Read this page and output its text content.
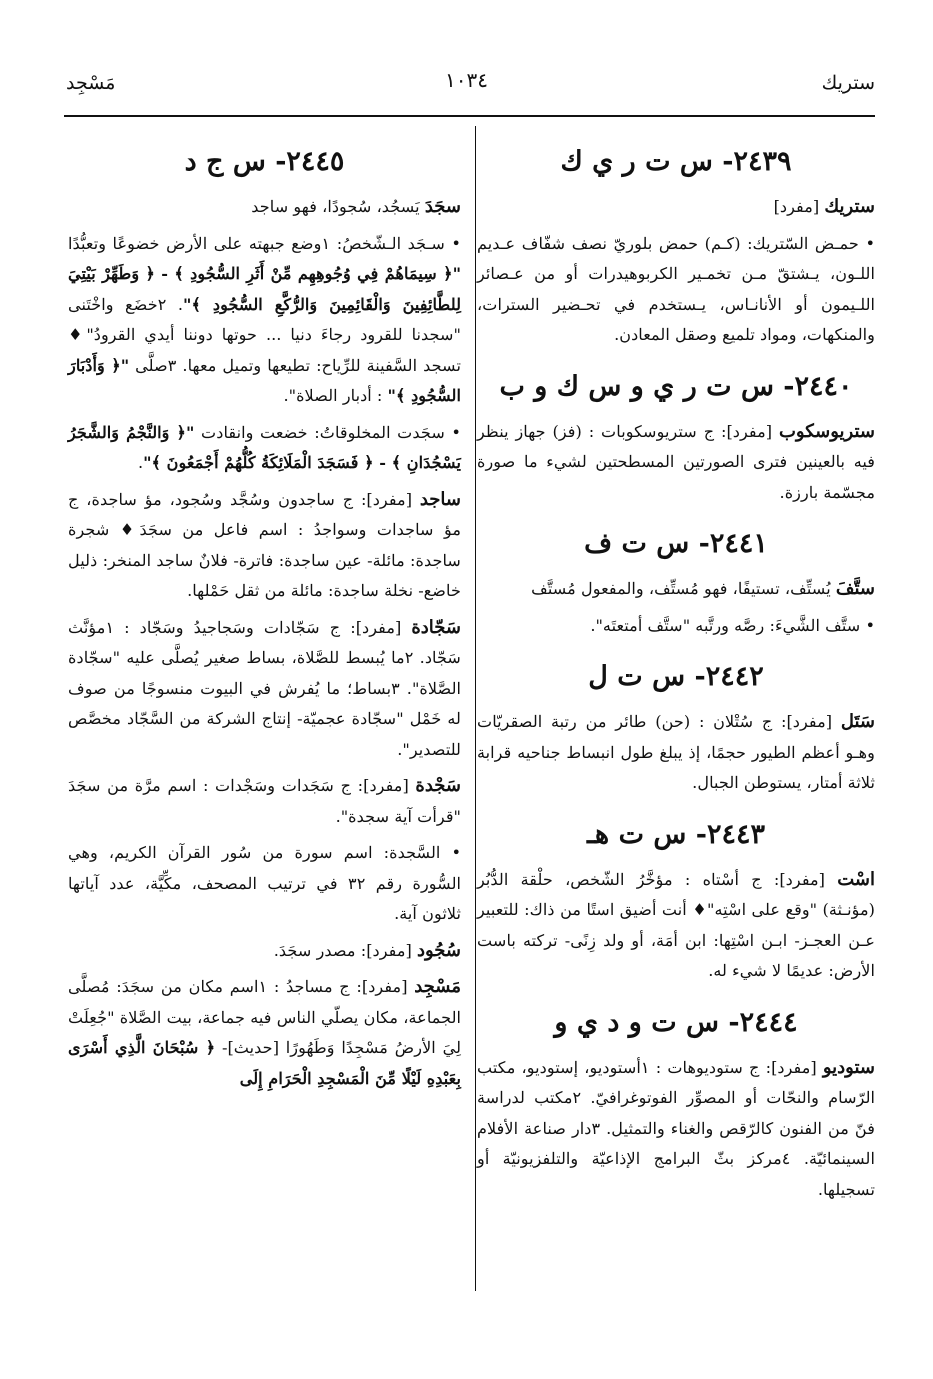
ستريك
١٠٣٤
مَسْجِد
٢٤٣٩- س ت ر ي ك

ستريك [مفرد]

• حمـض السّتريك: (كـم) حمض بلوريّ نصف شفّاف عـديم اللـون، يـشتقّ مـن تخمـير الكربوهيدرات أو من عـصائر اللـيمون أو الأنانـاس، يـستخدم في تحـضير السترات، والمنكهات، ومواد تلميع وصقل المعادن.

٢٤٤٠- س ت ر ي و س ك و ب

ستريوسكوب [مفرد]: ج ستريوسكوبات : (فز) جهاز ينظر فيه بالعينين فترى الصورتين المسطحتين لشيء ما صورة مجسّمة بارزة.

٢٤٤١- س ت ف

ستَّفَ يُستِّف، تستيفًا، فهو مُستِّف، والمفعول مُستَّف

• ستَّف الشَّيءَ: رصَّه ورتَّبه "ستَّف أمتعتَه".

٢٤٤٢- س ت ل

سَتَل [مفرد]: ج سُتْلان : (حن) طائر من رتبة الصقريّات وهـو أعظم الطيور حجمًا، إذ يبلغ طول انبساط جناحيه قرابة ثلاثة أمتار، يستوطن الجبال.

٢٤٤٣- س ت هـ

اسْت [مفرد]: ج أسْتاه : مؤخَّرُ الشّخص، حلْقة الدُّبُر (مؤنـثة) "وقع على اسْتِه"♦ أنت أضيق استًا من ذاك: للتعبير عـن العجـز- ابـن اسْتِها: ابن أمَة، أو ولد زِنًى- تركته باست الأرض: عديمًا لا شيء له.

٢٤٤٤- س ت و د ي و

ستوديو [مفرد]: ج ستوديوهات : ١أستوديو، إستوديو، مكتب الرّسام والنحّات أو المصوِّر الفوتوغرافيّ. ٢مكتب لدراسة فنّ من الفنون كالرّقص والغناء والتمثيل. ٣دار صناعة الأفلام السينمائيّة. ٤مركز بثّ البرامج الإذاعيّة والتلفزيونيّة أو تسجيلها.

٢٤٤٥- س ج د

سجَدَ يَسجُد، سُجودًا، فهو ساجد

• سـجَد الـشّخصُ: ١وضع جبهته على الأرض خضوعًا وتعبُّدًا "﴿ سِيمَاهُمْ فِي وُجُوهِهِم مِّنْ أَثَرِ السُّجُودِ ﴾ - ﴿ وَطَهِّرْ بَيْتِيَ لِلطَّائِفِينَ وَالْقَائِمِينَ وَالرُّكَّعِ السُّجُودِ ﴾". ٢خضَع واخْتَنى "سجدنا للقرود رجاءَ دنيا ... حوتها دوننا أيدي القرودُ"♦ تسجد السَّفينة للرِّياح: تطيعها وتميل معها. ٣صلَّى "﴿ وَأَدْبَارَ السُّجُودِ ﴾" : أدبار الصلاة".

• سجَدت المخلوقاتُ: خضعت وانقادت "﴿ وَالنَّجْمُ وَالشَّجَرُ يَسْجُدَانِ ﴾ - ﴿ فَسَجَدَ الْمَلَائِكَةُ كُلُّهُمْ أَجْمَعُونَ ﴾".

ساجد [مفرد]: ج ساجدون وسُجَّد وسُجود، مؤ ساجدة، ج مؤ ساجدات وسواجدُ : اسم فاعل من سجَدَ♦ شجرة ساجدة: مائلة- عين ساجدة: فاترة- فلانٌ ساجد المنخر: ذليل خاضع- نخلة ساجدة: مائلة من ثقل حَمْلها.

سَجّادة [مفرد]: ج سَجّادات وسَجاجيدُ وسَجّاد : ١مؤنَّث سَجّاد. ٢ما يُبسط للصَّلاة، بساط صغير يُصلَّى عليه "سجّادة الصَّلاة". ٣بساط؛ ما يُفرش في البيوت منسوجًا من صوف له خَمْل "سجّادة عجميّة- إنتاج الشركة من السَّجّاد مخصَّص للتصدير".

سَجْدة [مفرد]: ج سَجَدات وسَجْدات : اسم مرَّة من سجَدَ "قرأت آية سجدة".

• السَّجدة: اسم سورة من سُور القرآن الكريم، وهي السُّورة رقم ٣٢ في ترتيب المصحف، مكِّيَّة، عدد آياتها ثلاثون آية.

سُجُود [مفرد]: مصدر سجَدَ.

مَسْجِد [مفرد]: ج مساجدُ : ١اسم مكان من سجَدَ: مُصلَّى الجماعة، مكان يصلّي الناس فيه جماعة، بيت الصَّلاة "جُعِلَتْ لِيَ الأرضُ مَسْجِدًا وَطَهُورًا [حديث]- ﴿ سُبْحَانَ الَّذِي أَسْرَى بِعَبْدِهِ لَيْلًا مِّنَ الْمَسْجِدِ الْحَرَامِ إِلَى
